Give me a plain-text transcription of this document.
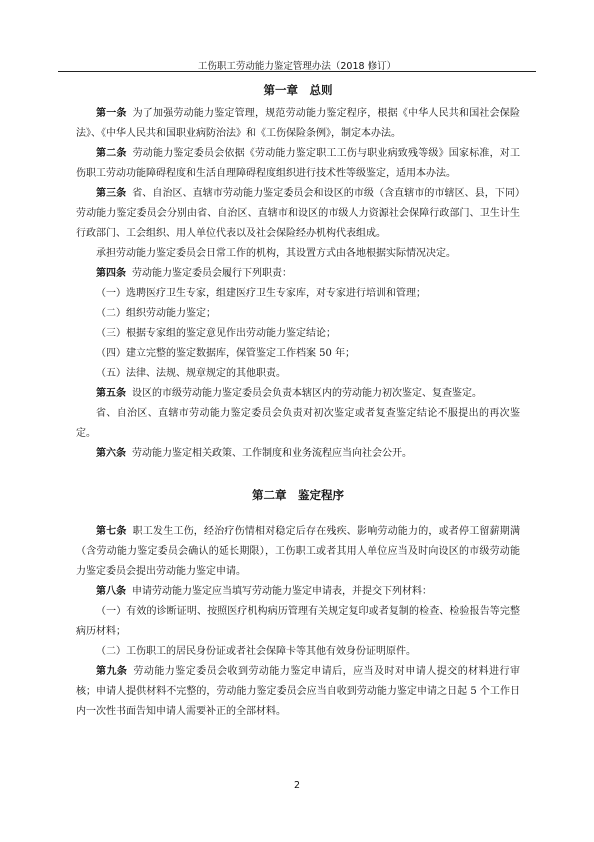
工伤职工劳动能力鉴定管理办法（2018 修订）
第一章　总则

第一条 为了加强劳动能力鉴定管理，规范劳动能力鉴定程序，根据《中华人民共和国社会保险法》、《中华人民共和国职业病防治法》和《工伤保险条例》，制定本办法。

第二条 劳动能力鉴定委员会依据《劳动能力鉴定职工工伤与职业病致残等级》国家标准，对工伤职工劳动功能障碍程度和生活自理障碍程度组织进行技术性等级鉴定，适用本办法。

第三条 省、自治区、直辖市劳动能力鉴定委员会和设区的市级（含直辖市的市辖区、县，下同）劳动能力鉴定委员会分别由省、自治区、直辖市和设区的市级人力资源社会保障行政部门、卫生计生行政部门、工会组织、用人单位代表以及社会保险经办机构代表组成。

承担劳动能力鉴定委员会日常工作的机构，其设置方式由各地根据实际情况决定。

第四条 劳动能力鉴定委员会履行下列职责：

（一）选聘医疗卫生专家，组建医疗卫生专家库，对专家进行培训和管理；

（二）组织劳动能力鉴定；

（三）根据专家组的鉴定意见作出劳动能力鉴定结论；

（四）建立完整的鉴定数据库，保管鉴定工作档案 50 年；

（五）法律、法规、规章规定的其他职责。

第五条 设区的市级劳动能力鉴定委员会负责本辖区内的劳动能力初次鉴定、复查鉴定。

省、自治区、直辖市劳动能力鉴定委员会负责对初次鉴定或者复查鉴定结论不服提出的再次鉴定。

第六条 劳动能力鉴定相关政策、工作制度和业务流程应当向社会公开。

第二章　鉴定程序

第七条 职工发生工伤，经治疗伤情相对稳定后存在残疾、影响劳动能力的，或者停工留薪期满（含劳动能力鉴定委员会确认的延长期限），工伤职工或者其用人单位应当及时向设区的市级劳动能力鉴定委员会提出劳动能力鉴定申请。

第八条 申请劳动能力鉴定应当填写劳动能力鉴定申请表，并提交下列材料：

（一）有效的诊断证明、按照医疗机构病历管理有关规定复印或者复制的检查、检验报告等完整病历材料；

（二）工伤职工的居民身份证或者社会保障卡等其他有效身份证明原件。

第九条 劳动能力鉴定委员会收到劳动能力鉴定申请后，应当及时对申请人提交的材料进行审核；申请人提供材料不完整的，劳动能力鉴定委员会应当自收到劳动能力鉴定申请之日起 5 个工作日内一次性书面告知申请人需要补正的全部材料。

2
